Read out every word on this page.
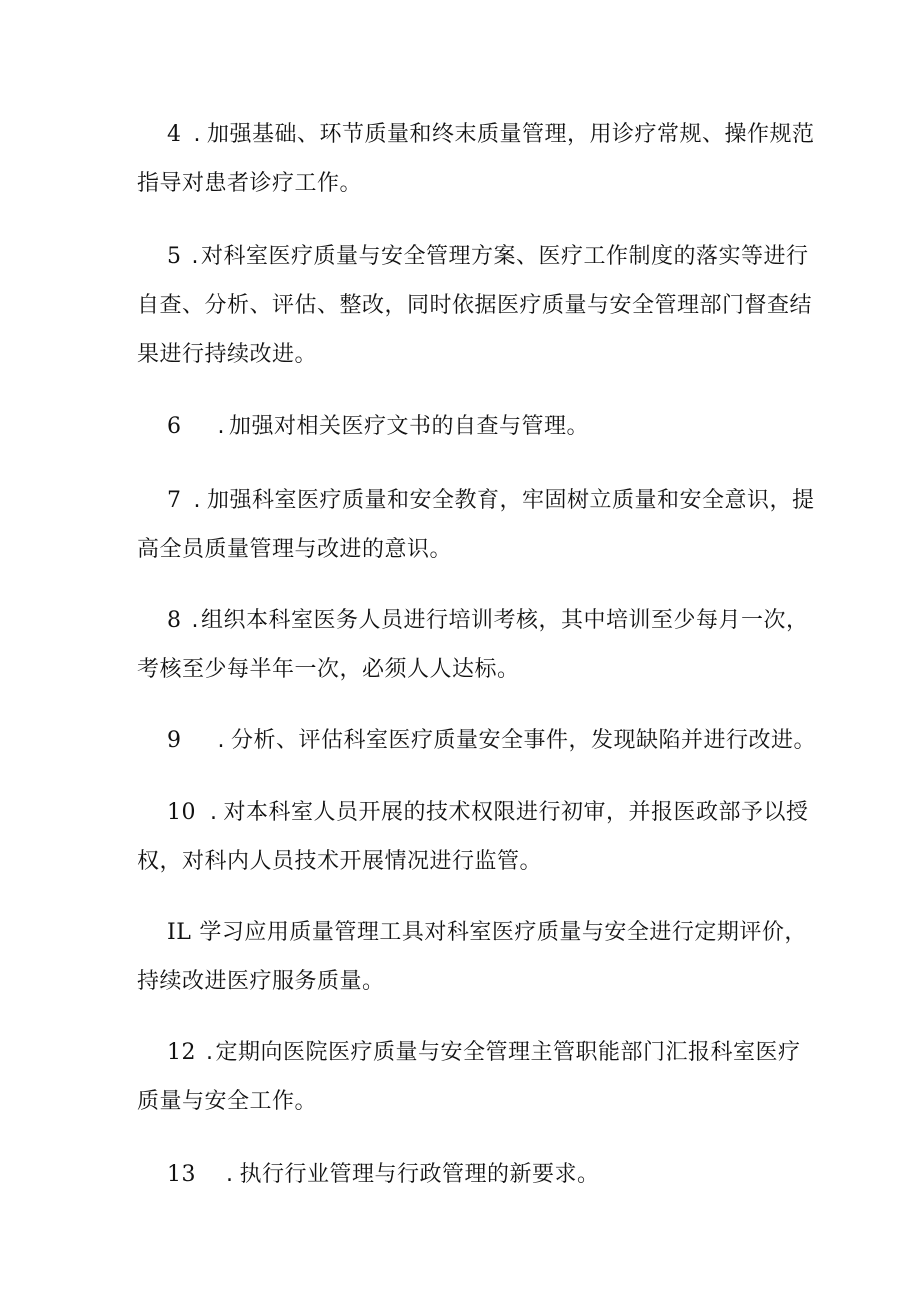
4 . 加强基础、环节质量和终末质量管理，用诊疗常规、操作规范
指导对患者诊疗工作。
5 .对科室医疗质量与安全管理方案、医疗工作制度的落实等进行
自查、分析、评估、整改，同时依据医疗质量与安全管理部门督查结
果进行持续改进。
6 . 加强对相关医疗文书的自查与管理。
7 . 加强科室医疗质量和安全教育，牢固树立质量和安全意识，提
高全员质量管理与改进的意识。
8 .组织本科室医务人员进行培训考核，其中培训至少每月一次，
考核至少每半年一次，必须人人达标。
9 . 分析、评估科室医疗质量安全事件，发现缺陷并进行改进。
10 . 对本科室人员开展的技术权限进行初审，并报医政部予以授
权，对科内人员技术开展情况进行监管。
IL 学习应用质量管理工具对科室医疗质量与安全进行定期评价，
持续改进医疗服务质量。
12 .定期向医院医疗质量与安全管理主管职能部门汇报科室医疗
质量与安全工作。
13 . 执行行业管理与行政管理的新要求。
